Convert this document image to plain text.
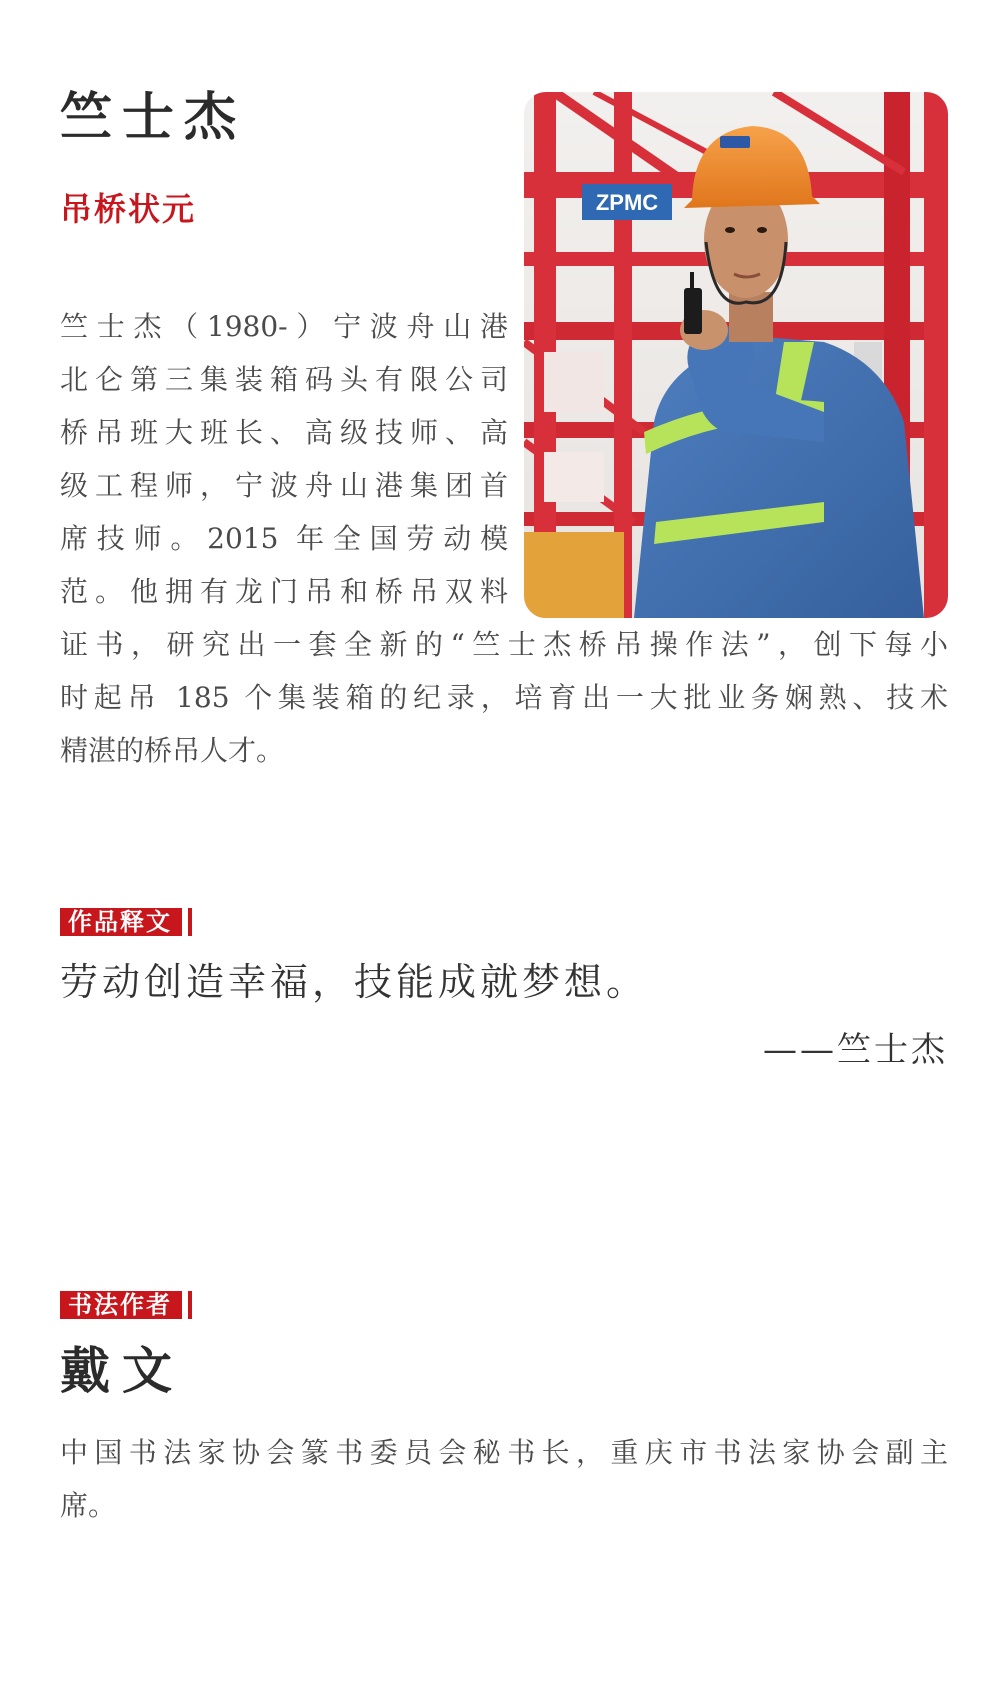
竺士杰
吊桥状元	ZPMC

竺士杰（1980-）宁波舟山港
北仑第三集装箱码头有限公司
桥吊班大班长、高级技师、高
级工程师，宁波舟山港集团首
席技师。2015 年全国劳动模
范。他拥有龙门吊和桥吊双料

证书，研究出一套全新的“竺士杰桥吊操作法”，创下每小
时起吊 185 个集装箱的纪录，培育出一大批业务娴熟、技术
精湛的桥吊人才。

作品释文

劳动创造幸福，技能成就梦想。

——竺士杰

书法作者
戴文

中国书法家协会篆书委员会秘书长，重庆市书法家协会副主
席。
